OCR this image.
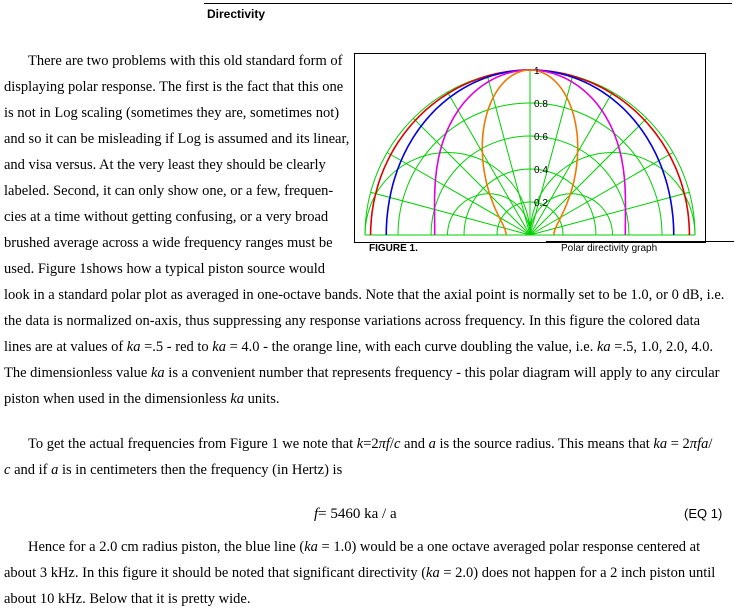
Directivity
0.2
0.4
0.6
0.8
1
FIGURE 1.	Polar directivity graph
There are two problems with this old standard form of
displaying polar response. The first is the fact that this one
is not in Log scaling (sometimes they are, sometimes not)
and so it can be misleading if Log is assumed and its linear,
and visa versus. At the very least they should be clearly
labeled. Second, it can only show one, or a few, frequen-
cies at a time without getting confusing, or a very broad
brushed average across a wide frequency ranges must be
used. Figure 1shows how a typical piston source would
look in a standard polar plot as averaged in one-octave bands. Note that the axial point is normally set to be 1.0, or 0 dB, i.e.
the data is normalized on-axis, thus suppressing any response variations across frequency. In this figure the colored data
lines are at values of ka =.5 - red to ka = 4.0 - the orange line, with each curve doubling the value, i.e. ka =.5, 1.0, 2.0, 4.0.
The dimensionless value ka is a convenient number that represents frequency - this polar diagram will apply to any circular
piston when used in the dimensionless ka units.
To get the actual frequencies from Figure 1 we note that k=2πf/c and a is the source radius. This means that ka = 2πfa/
c and if a is in centimeters then the frequency (in Hertz) is
f= 5460 ka / a	(EQ 1)
Hence for a 2.0 cm radius piston, the blue line (ka = 1.0) would be a one octave averaged polar response centered at
about 3 kHz. In this figure it should be noted that significant directivity (ka = 2.0) does not happen for a 2 inch piston until
about 10 kHz. Below that it is pretty wide.
